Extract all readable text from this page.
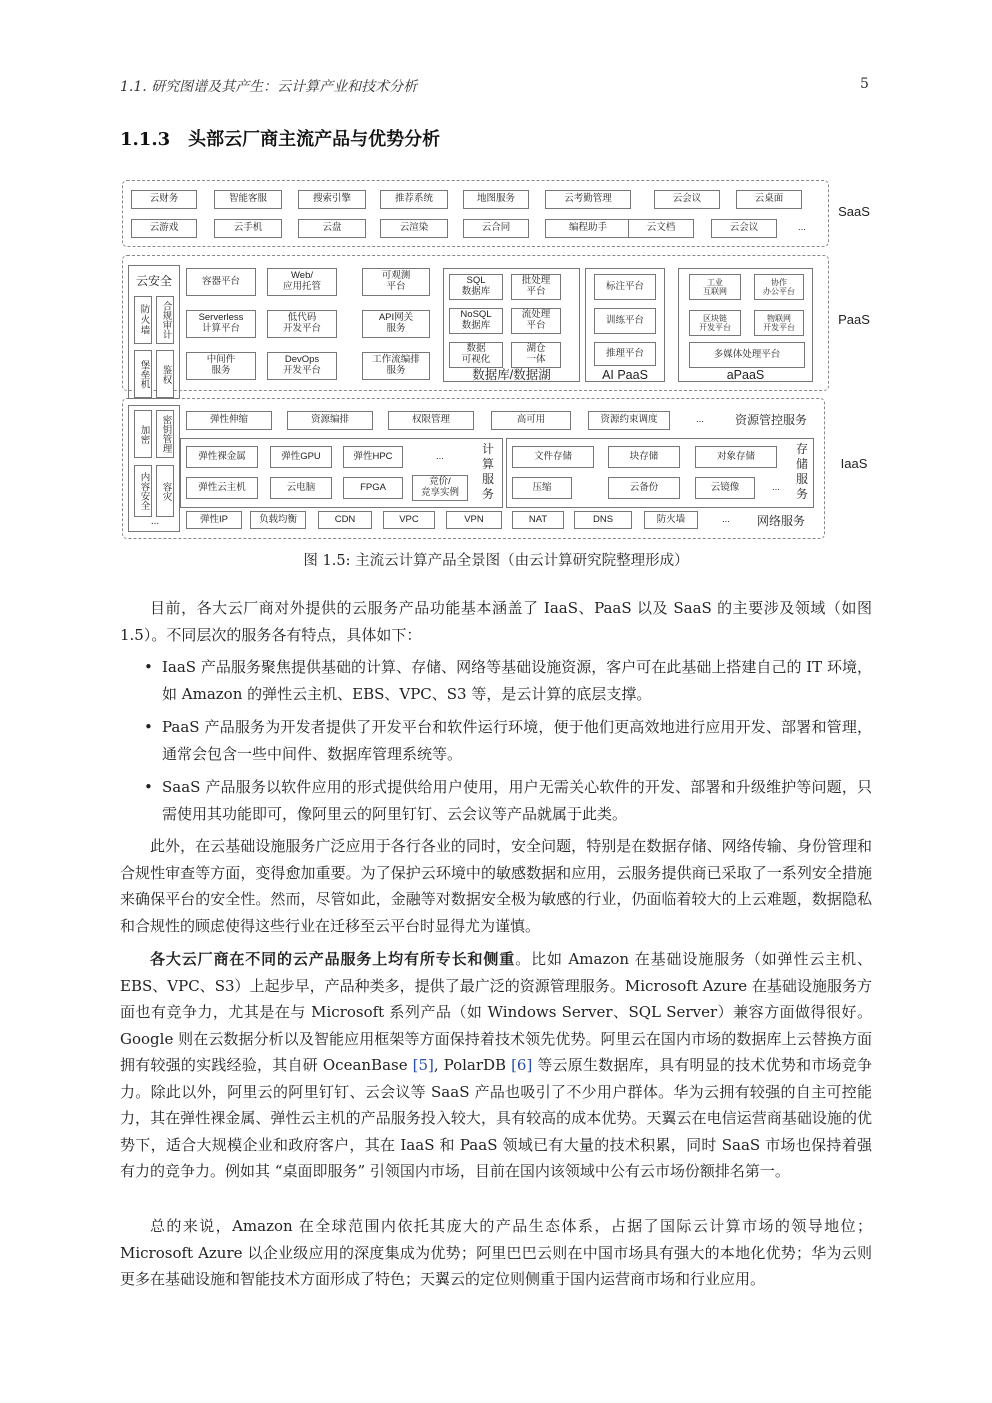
1.1. 研究图谱及其产生：云计算产业和技术分析	5
1.1.3 头部云厂商主流产品与优势分析
SaaS
PaaS
IaaS
云安全
防火墙 合规审计
堡垒机 鉴权
加密 密钥管理
内容安全 容灾
...
数据库/数据湖	AI PaaS	aPaaS
资源管控服务
计算服务
存储服务
网络服务
云财务	智能客服	搜索引擎	推荐系统	地图服务	云考勤管理	云会议	云桌面
云游戏	云手机	云盘	云渲染	云合同	编程助手	云文档	云会议	...
容器平台	Web/
应用托管
可观测
平台
Serverless
计算平台
低代码
开发平台
API网关
服务
中间件
服务
DevOps
开发平台
工作流编排
服务
SQL
数据库
批处理
平台
NoSQL
数据库
流处理
平台
数据
可视化
湖仓
一体
标注平台
训练平台
推理平台
工业
互联网
协作
办公平台
区块链
开发平台
物联网
开发平台
多媒体处理平台
弹性伸缩	资源编排	权限管理	高可用	资源约束调度	...
弹性裸金属	弹性GPU	弹性HPC	...
弹性云主机	云电脑	FPGA	竞价/
竞享实例
文件存储	块存储	对象存储
压缩	云备份	云镜像	...
弹性IP	负载均衡	CDN	VPC	VPN	NAT	DNS	防火墙	...
图 1.5: 主流云计算产品全景图（由云计算研究院整理形成）
目前，各大云厂商对外提供的云服务产品功能基本涵盖了 IaaS、PaaS 以及 SaaS 的主要涉及领域（如图 1.5）。不同层次的服务各有特点，具体如下：
• IaaS 产品服务聚焦提供基础的计算、存储、网络等基础设施资源，客户可在此基础上搭建自己的 IT 环境，如 Amazon 的弹性云主机、EBS、VPC、S3 等，是云计算的底层支撑。
• PaaS 产品服务为开发者提供了开发平台和软件运行环境，便于他们更高效地进行应用开发、部署和管理，通常会包含一些中间件、数据库管理系统等。
• SaaS 产品服务以软件应用的形式提供给用户使用，用户无需关心软件的开发、部署和升级维护等问题，只需使用其功能即可，像阿里云的阿里钉钉、云会议等产品就属于此类。
此外，在云基础设施服务广泛应用于各行各业的同时，安全问题，特别是在数据存储、网络传输、身份管理和合规性审查等方面，变得愈加重要。为了保护云环境中的敏感数据和应用，云服务提供商已采取了一系列安全措施来确保平台的安全性。然而，尽管如此，金融等对数据安全极为敏感的行业，仍面临着较大的上云难题，数据隐私和合规性的顾虑使得这些行业在迁移至云平台时显得尤为谨慎。
各大云厂商在不同的云产品服务上均有所专长和侧重。比如 Amazon 在基础设施服务（如弹性云主机、EBS、VPC、S3）上起步早，产品种类多，提供了最广泛的资源管理服务。Microsoft Azure 在基础设施服务方面也有竞争力，尤其是在与 Microsoft 系列产品（如 Windows Server、SQL Server）兼容方面做得很好。Google 则在云数据分析以及智能应用框架等方面保持着技术领先优势。阿里云在国内市场的数据库上云替换方面拥有较强的实践经验，其自研 OceanBase [5], PolarDB [6] 等云原生数据库，具有明显的技术优势和市场竞争力。除此以外，阿里云的阿里钉钉、云会议等 SaaS 产品也吸引了不少用户群体。华为云拥有较强的自主可控能力，其在弹性裸金属、弹性云主机的产品服务投入较大，具有较高的成本优势。天翼云在电信运营商基础设施的优势下，适合大规模企业和政府客户，其在 IaaS 和 PaaS 领域已有大量的技术积累，同时 SaaS 市场也保持着强有力的竞争力。例如其 “桌面即服务” 引领国内市场，目前在国内该领域中公有云市场份额排名第一。
总的来说，Amazon 在全球范围内依托其庞大的产品生态体系，占据了国际云计算市场的领导地位；Microsoft Azure 以企业级应用的深度集成为优势；阿里巴巴云则在中国市场具有强大的本地化优势；华为云则更多在基础设施和智能技术方面形成了特色；天翼云的定位则侧重于国内运营商市场和行业应用。
